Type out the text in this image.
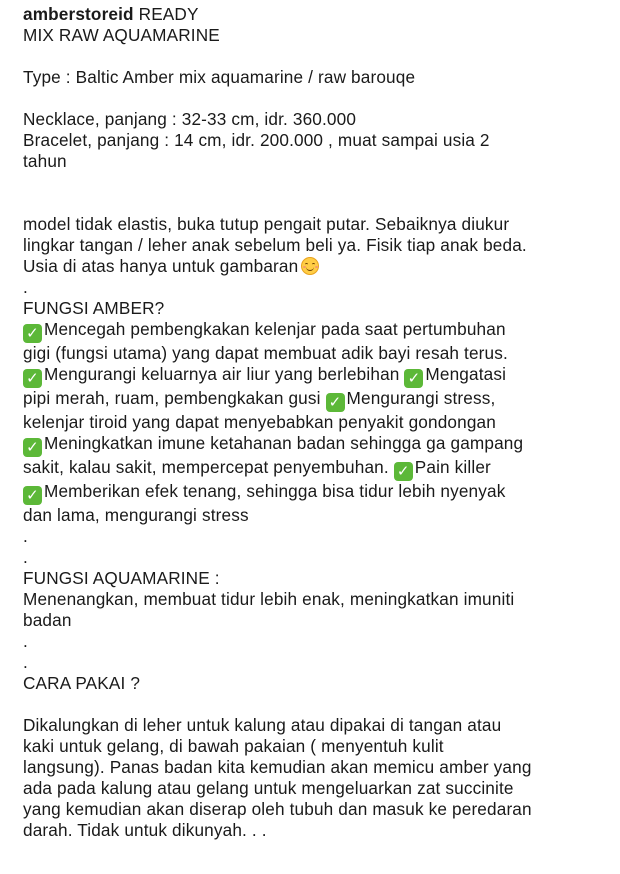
amberstoreid READY

MIX RAW AQUAMARINE

Type : Baltic Amber mix aquamarine / raw barouqe

Necklace, panjang : 32-33 cm, idr. 360.000

Bracelet, panjang : 14 cm, idr. 200.000 , muat sampai usia 2

tahun

model tidak elastis, buka tutup pengait putar. Sebaiknya diukur

lingkar tangan / leher anak sebelum beli ya. Fisik tiap anak beda.

Usia di atas hanya untuk gambaran

.

FUNGSI AMBER?

✓ Mencegah pembengkakan kelenjar pada saat pertumbuhan

gigi (fungsi utama) yang dapat membuat adik bayi resah terus.

✓ Mengurangi keluarnya air liur yang berlebihan ✓ Mengatasi

pipi merah, ruam, pembengkakan gusi ✓ Mengurangi stress,

kelenjar tiroid yang dapat menyebabkan penyakit gondongan

✓ Meningkatkan imune ketahanan badan sehingga ga gampang

sakit, kalau sakit, mempercepat penyembuhan. ✓ Pain killer

✓ Memberikan efek tenang, sehingga bisa tidur lebih nyenyak

dan lama, mengurangi stress

.

.

FUNGSI AQUAMARINE :

Menenangkan, membuat tidur lebih enak, meningkatkan imuniti

badan

.

.

CARA PAKAI ?

Dikalungkan di leher untuk kalung atau dipakai di tangan atau

kaki untuk gelang, di bawah pakaian ( menyentuh kulit

langsung). Panas badan kita kemudian akan memicu amber yang

ada pada kalung atau gelang untuk mengeluarkan zat succinite

yang kemudian akan diserap oleh tubuh dan masuk ke peredaran

darah. Tidak untuk dikunyah. . .
